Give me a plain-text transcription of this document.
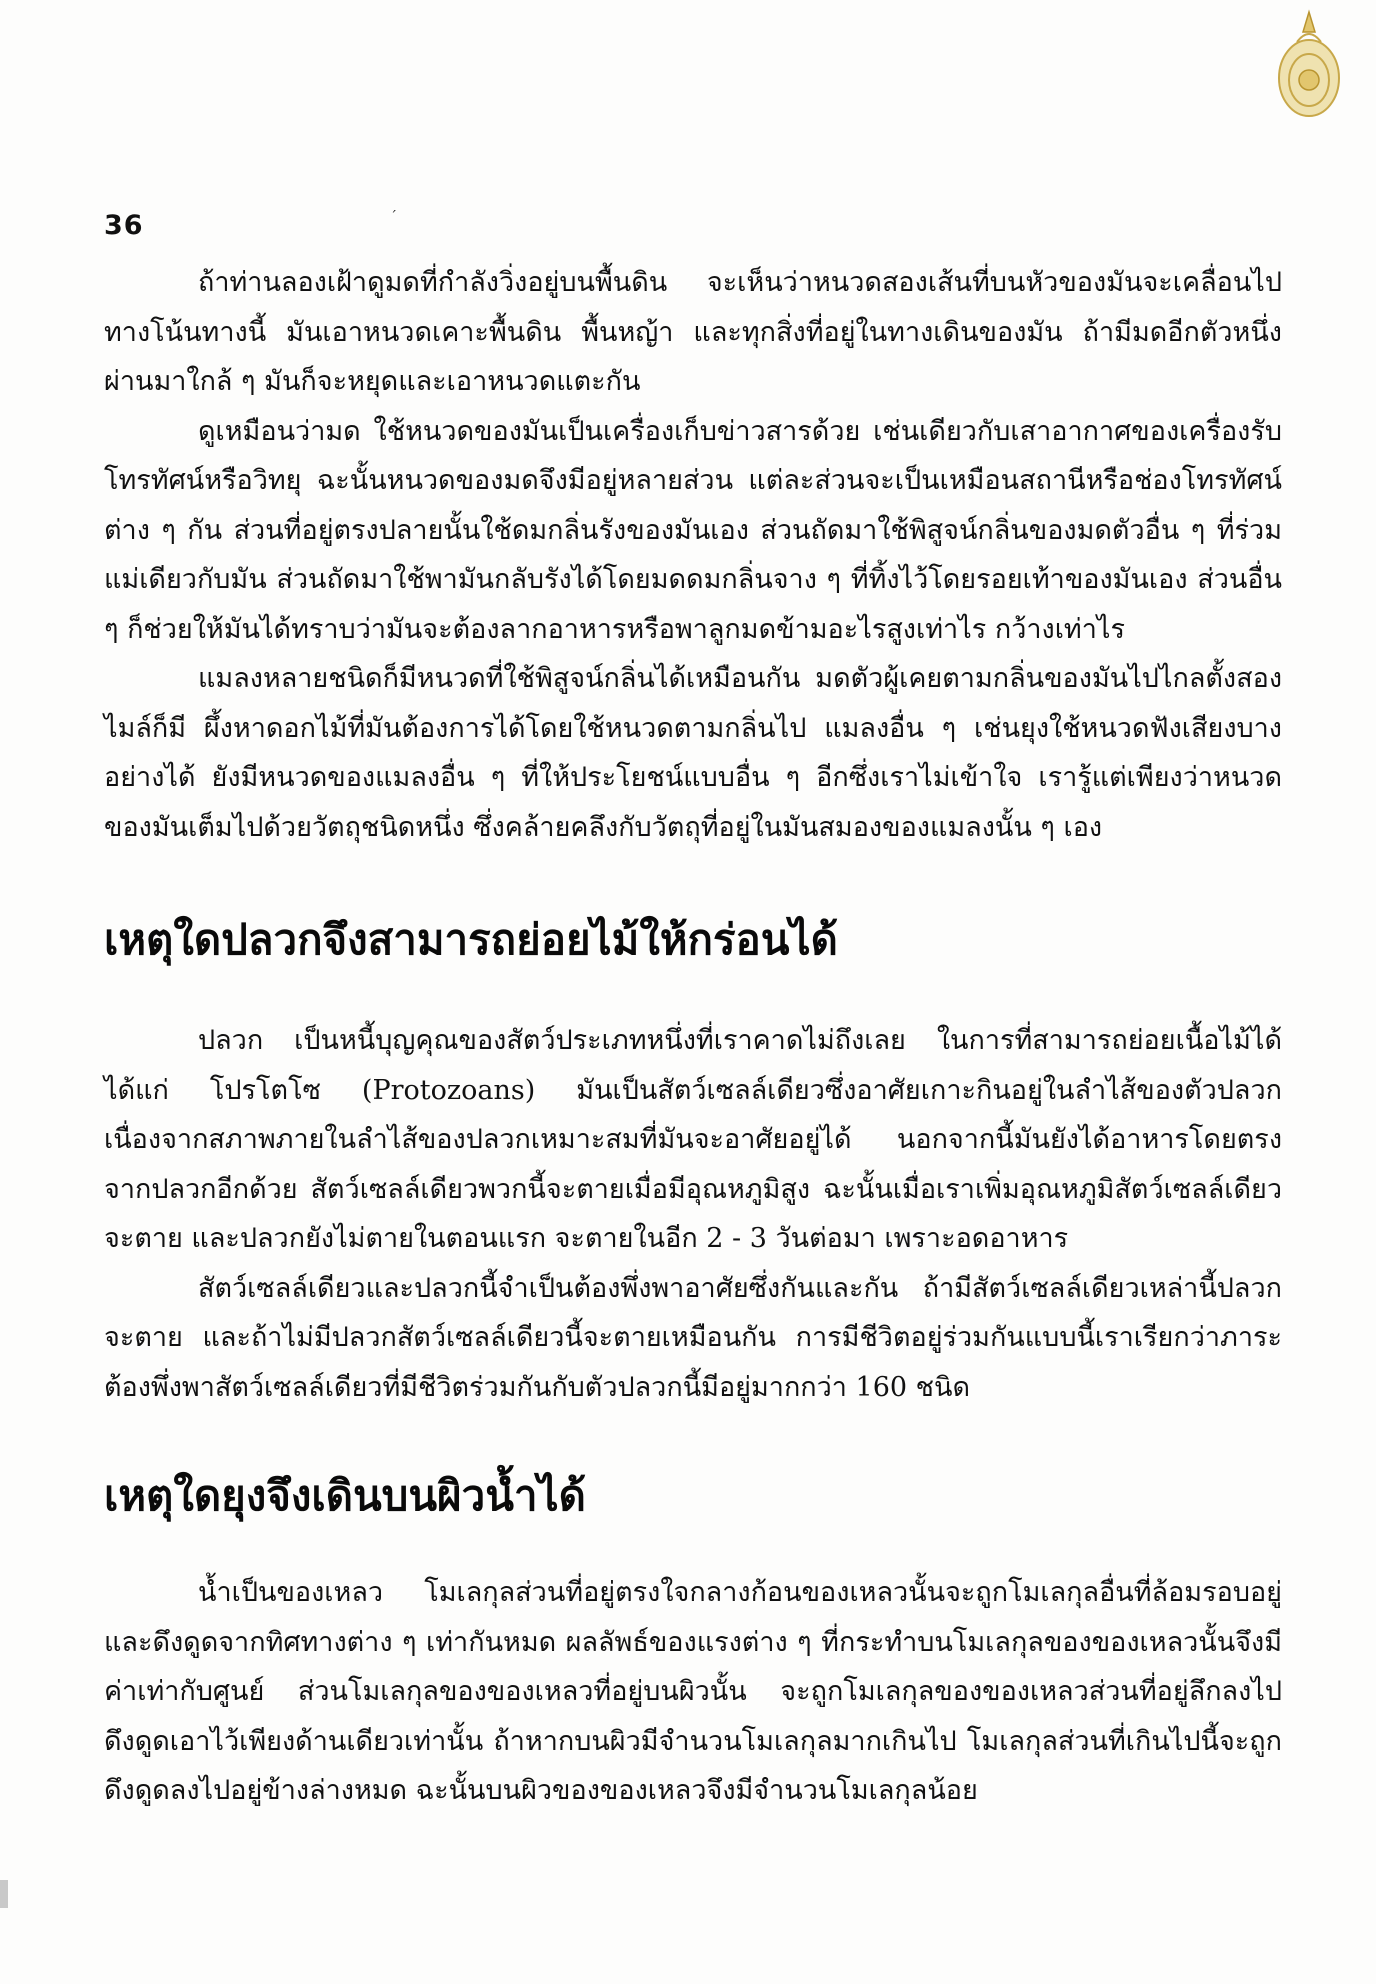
36	´

ถ้าท่านลองเฝ้าดูมดที่กำลังวิ่งอยู่บนพื้นดิน จะเห็นว่าหนวดสองเส้นที่บนหัวของมันจะเคลื่อนไปทางโน้นทางนี้ มันเอาหนวดเคาะพื้นดิน พื้นหญ้า และทุกสิ่งที่อยู่ในทางเดินของมัน ถ้ามีมดอีกตัวหนึ่งผ่านมาใกล้ ๆ มันก็จะหยุดและเอาหนวดแตะกัน

ดูเหมือนว่ามด ใช้หนวดของมันเป็นเครื่องเก็บข่าวสารด้วย เช่นเดียวกับเสาอากาศของเครื่องรับโทรทัศน์หรือวิทยุ ฉะนั้นหนวดของมดจึงมีอยู่หลายส่วน แต่ละส่วนจะเป็นเหมือนสถานีหรือช่องโทรทัศน์ต่าง ๆ กัน ส่วนที่อยู่ตรงปลายนั้นใช้ดมกลิ่นรังของมันเอง ส่วนถัดมาใช้พิสูจน์กลิ่นของมดตัวอื่น ๆ ที่ร่วมแม่เดียวกับมัน ส่วนถัดมาใช้พามันกลับรังได้โดยมดดมกลิ่นจาง ๆ ที่ทิ้งไว้โดยรอยเท้าของมันเอง ส่วนอื่น ๆ ก็ช่วยให้มันได้ทราบว่ามันจะต้องลากอาหารหรือพาลูกมดข้ามอะไรสูงเท่าไร กว้างเท่าไร

แมลงหลายชนิดก็มีหนวดที่ใช้พิสูจน์กลิ่นได้เหมือนกัน มดตัวผู้เคยตามกลิ่นของมันไปไกลตั้งสองไมล์ก็มี ผึ้งหาดอกไม้ที่มันต้องการได้โดยใช้หนวดตามกลิ่นไป แมลงอื่น ๆ เช่นยุงใช้หนวดฟังเสียงบางอย่างได้ ยังมีหนวดของแมลงอื่น ๆ ที่ให้ประโยชน์แบบอื่น ๆ อีกซึ่งเราไม่เข้าใจ เรารู้แต่เพียงว่าหนวดของมันเต็มไปด้วยวัตถุชนิดหนึ่ง ซึ่งคล้ายคลึงกับวัตถุที่อยู่ในมันสมองของแมลงนั้น ๆ เอง

เหตุใดปลวกจึงสามารถย่อยไม้ให้กร่อนได้

ปลวก เป็นหนี้บุญคุณของสัตว์ประเภทหนึ่งที่เราคาดไม่ถึงเลย ในการที่สามารถย่อยเนื้อไม้ได้ ได้แก่ โปรโตโซ (Protozoans) มันเป็นสัตว์เซลล์เดียวซึ่งอาศัยเกาะกินอยู่ในลำไส้ของตัวปลวก เนื่องจากสภาพภายในลำไส้ของปลวกเหมาะสมที่มันจะอาศัยอยู่ได้ นอกจากนี้มันยังได้อาหารโดยตรงจากปลวกอีกด้วย สัตว์เซลล์เดียวพวกนี้จะตายเมื่อมีอุณหภูมิสูง ฉะนั้นเมื่อเราเพิ่มอุณหภูมิสัตว์เซลล์เดียวจะตาย และปลวกยังไม่ตายในตอนแรก จะตายในอีก 2 - 3 วันต่อมา เพราะอดอาหาร

สัตว์เซลล์เดียวและปลวกนี้จำเป็นต้องพึ่งพาอาศัยซึ่งกันและกัน ถ้ามีสัตว์เซลล์เดียวเหล่านี้ปลวกจะตาย และถ้าไม่มีปลวกสัตว์เซลล์เดียวนี้จะตายเหมือนกัน การมีชีวิตอยู่ร่วมกันแบบนี้เราเรียกว่าภาระต้องพึ่งพาสัตว์เซลล์เดียวที่มีชีวิตร่วมกันกับตัวปลวกนี้มีอยู่มากกว่า 160 ชนิด

เหตุใดยุงจึงเดินบนผิวน้ำได้

น้ำเป็นของเหลว โมเลกุลส่วนที่อยู่ตรงใจกลางก้อนของเหลวนั้นจะถูกโมเลกุลอื่นที่ล้อมรอบอยู่และดึงดูดจากทิศทางต่าง ๆ เท่ากันหมด ผลลัพธ์ของแรงต่าง ๆ ที่กระทำบนโมเลกุลของของเหลวนั้นจึงมีค่าเท่ากับศูนย์ ส่วนโมเลกุลของของเหลวที่อยู่บนผิวนั้น จะถูกโมเลกุลของของเหลวส่วนที่อยู่ลึกลงไปดึงดูดเอาไว้เพียงด้านเดียวเท่านั้น ถ้าหากบนผิวมีจำนวนโมเลกุลมากเกินไป โมเลกุลส่วนที่เกินไปนี้จะถูกดึงดูดลงไปอยู่ข้างล่างหมด ฉะนั้นบนผิวของของเหลวจึงมีจำนวนโมเลกุลน้อย
